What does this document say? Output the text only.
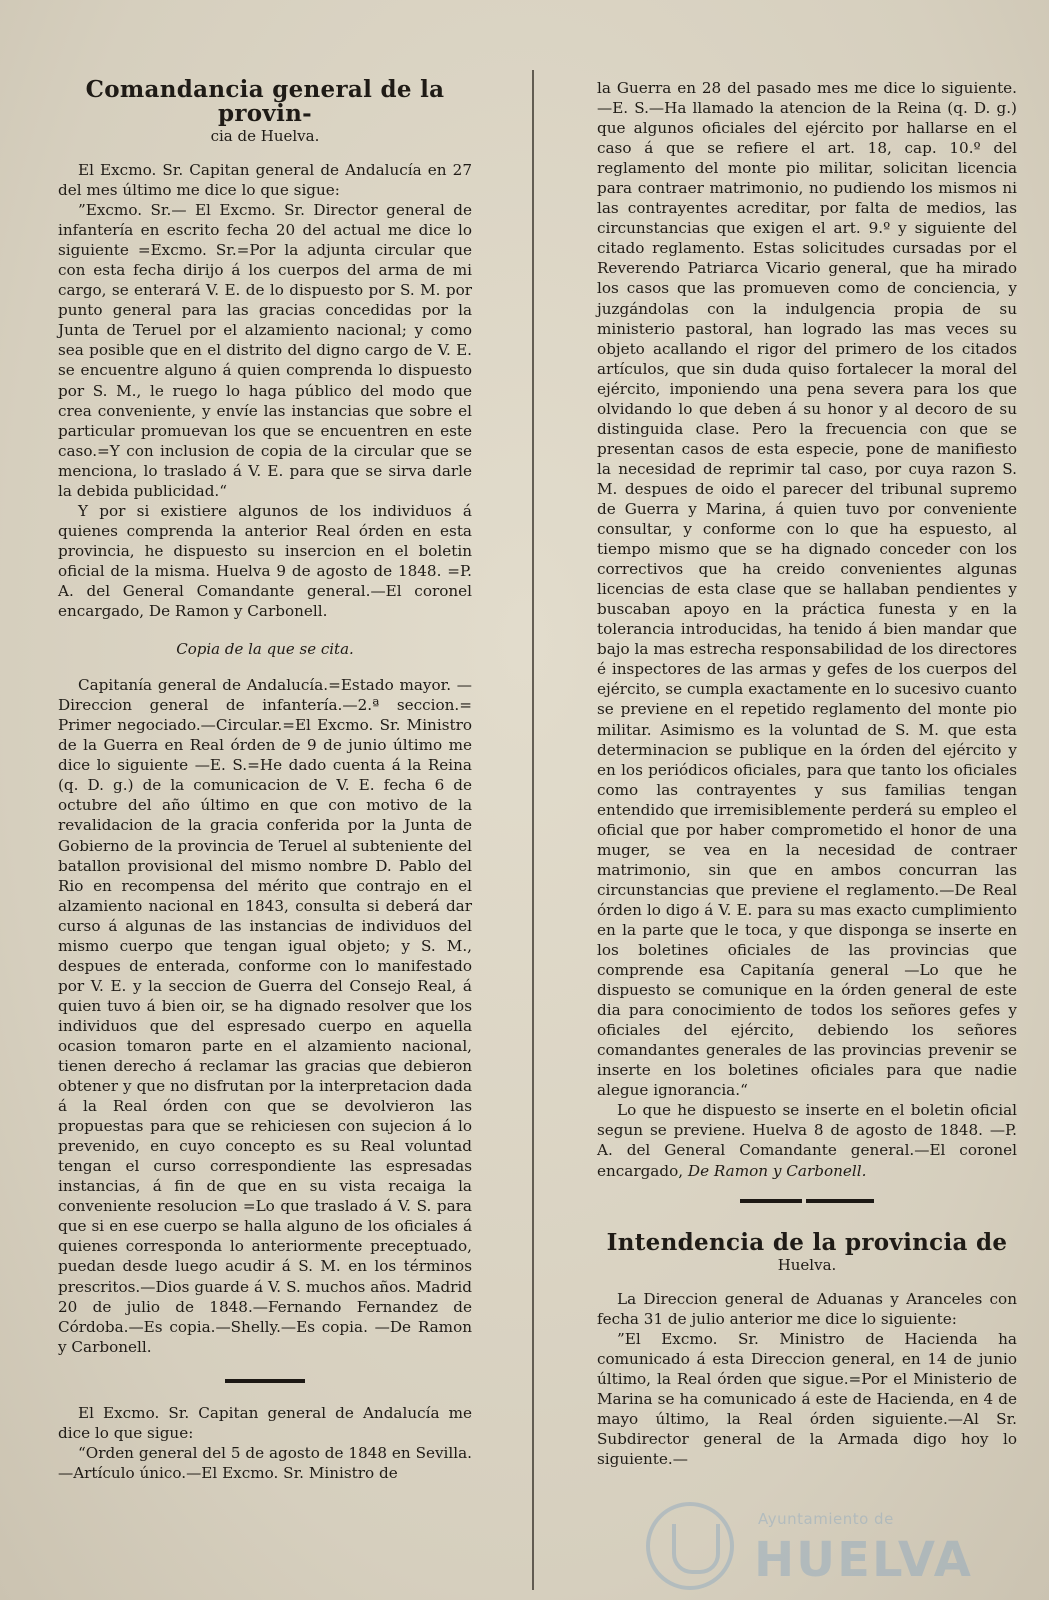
Comandancia general de la provin-
cia de Huelva.

El Excmo. Sr. Capitan general de Andalucía en 27 del mes último me dice lo que sigue:

”Excmo. Sr.— El Excmo. Sr. Director general de infantería en escrito fecha 20 del actual me dice lo siguiente =Excmo. Sr.=Por la adjunta circular que con esta fecha dirijo á los cuerpos del arma de mi cargo, se enterará V. E. de lo dispuesto por S. M. por punto general para las gracias concedidas por la Junta de Teruel por el alzamiento nacional; y como sea posible que en el distrito del digno cargo de V. E. se encuentre alguno á quien comprenda lo dispuesto por S. M., le ruego lo haga público del modo que crea conveniente, y envíe las instancias que sobre el particular promuevan los que se encuentren en este caso.=Y con inclusion de copia de la circular que se menciona, lo traslado á V. E. para que se sirva darle la debida publicidad.“

Y por si existiere algunos de los individuos á quienes comprenda la anterior Real órden en esta provincia, he dispuesto su insercion en el boletin oficial de la misma. Huelva 9 de agosto de 1848. =P. A. del General Comandante general.—El coronel encargado, De Ramon y Carbonell.

Copia de la que se cita.

Capitanía general de Andalucía.=Estado mayor. —Direccion general de infantería.—2.ª seccion.= Primer negociado.—Circular.=El Excmo. Sr. Ministro de la Guerra en Real órden de 9 de junio último me dice lo siguiente —E. S.=He dado cuenta á la Reina (q. D. g.) de la comunicacion de V. E. fecha 6 de octubre del año último en que con motivo de la revalidacion de la gracia conferida por la Junta de Gobierno de la provincia de Teruel al subteniente del batallon provisional del mismo nombre D. Pablo del Rio en recompensa del mérito que contrajo en el alzamiento nacional en 1843, consulta si deberá dar curso á algunas de las instancias de individuos del mismo cuerpo que tengan igual objeto; y S. M., despues de enterada, conforme con lo manifestado por V. E. y la seccion de Guerra del Consejo Real, á quien tuvo á bien oir, se ha dignado resolver que los individuos que del espresado cuerpo en aquella ocasion tomaron parte en el alzamiento nacional, tienen derecho á reclamar las gracias que debieron obtener y que no disfrutan por la interpretacion dada á la Real órden con que se devolvieron las propuestas para que se rehiciesen con sujecion á lo prevenido, en cuyo concepto es su Real voluntad tengan el curso correspondiente las espresadas instancias, á fin de que en su vista recaiga la conveniente resolucion =Lo que traslado á V. S. para que si en ese cuerpo se halla alguno de los oficiales á quienes corresponda lo anteriormente preceptuado, puedan desde luego acudir á S. M. en los términos prescritos.—Dios guarde á V. S. muchos años. Madrid 20 de julio de 1848.—Fernando Fernandez de Córdoba.—Es copia.—Shelly.—Es copia. —De Ramon y Carbonell.

El Excmo. Sr. Capitan general de Andalucía me dice lo que sigue:

“Orden general del 5 de agosto de 1848 en Sevilla.—Artículo único.—El Excmo. Sr. Ministro de

la Guerra en 28 del pasado mes me dice lo siguiente. —E. S.—Ha llamado la atencion de la Reina (q. D. g.) que algunos oficiales del ejército por hallarse en el caso á que se refiere el art. 18, cap. 10.º del reglamento del monte pio militar, solicitan licencia para contraer matrimonio, no pudiendo los mismos ni las contrayentes acreditar, por falta de medios, las circunstancias que exigen el art. 9.º y siguiente del citado reglamento. Estas solicitudes cursadas por el Reverendo Patriarca Vicario general, que ha mirado los casos que las promueven como de conciencia, y juzgándolas con la indulgencia propia de su ministerio pastoral, han logrado las mas veces su objeto acallando el rigor del primero de los citados artículos, que sin duda quiso fortalecer la moral del ejército, imponiendo una pena severa para los que olvidando lo que deben á su honor y al decoro de su distinguida clase. Pero la frecuencia con que se presentan casos de esta especie, pone de manifiesto la necesidad de reprimir tal caso, por cuya razon S. M. despues de oido el parecer del tribunal supremo de Guerra y Marina, á quien tuvo por conveniente consultar, y conforme con lo que ha espuesto, al tiempo mismo que se ha dignado conceder con los correctivos que ha creido convenientes algunas licencias de esta clase que se hallaban pendientes y buscaban apoyo en la práctica funesta y en la tolerancia introducidas, ha tenido á bien mandar que bajo la mas estrecha responsabilidad de los directores é inspectores de las armas y gefes de los cuerpos del ejército, se cumpla exactamente en lo sucesivo cuanto se previene en el repetido reglamento del monte pio militar. Asimismo es la voluntad de S. M. que esta determinacion se publique en la órden del ejército y en los periódicos oficiales, para que tanto los oficiales como las contrayentes y sus familias tengan entendido que irremisiblemente perderá su empleo el oficial que por haber comprometido el honor de una muger, se vea en la necesidad de contraer matrimonio, sin que en ambos concurran las circunstancias que previene el reglamento.—De Real órden lo digo á V. E. para su mas exacto cumplimiento en la parte que le toca, y que disponga se inserte en los boletines oficiales de las provincias que comprende esa Capitanía general —Lo que he dispuesto se comunique en la órden general de este dia para conocimiento de todos los señores gefes y oficiales del ejército, debiendo los señores comandantes generales de las provincias prevenir se inserte en los boletines oficiales para que nadie alegue ignorancia.“

Lo que he dispuesto se inserte en el boletin oficial segun se previene. Huelva 8 de agosto de 1848. —P. A. del General Comandante general.—El coronel encargado, De Ramon y Carbonell.

Intendencia de la provincia de
Huelva.

La Direccion general de Aduanas y Aranceles con fecha 31 de julio anterior me dice lo siguiente:

”El Excmo. Sr. Ministro de Hacienda ha comunicado á esta Direccion general, en 14 de junio último, la Real órden que sigue.=Por el Ministerio de Marina se ha comunicado á este de Hacienda, en 4 de mayo último, la Real órden siguiente.—Al Sr. Subdirector general de la Armada digo hoy lo siguiente.—

Ayuntamiento de
HUELVA
